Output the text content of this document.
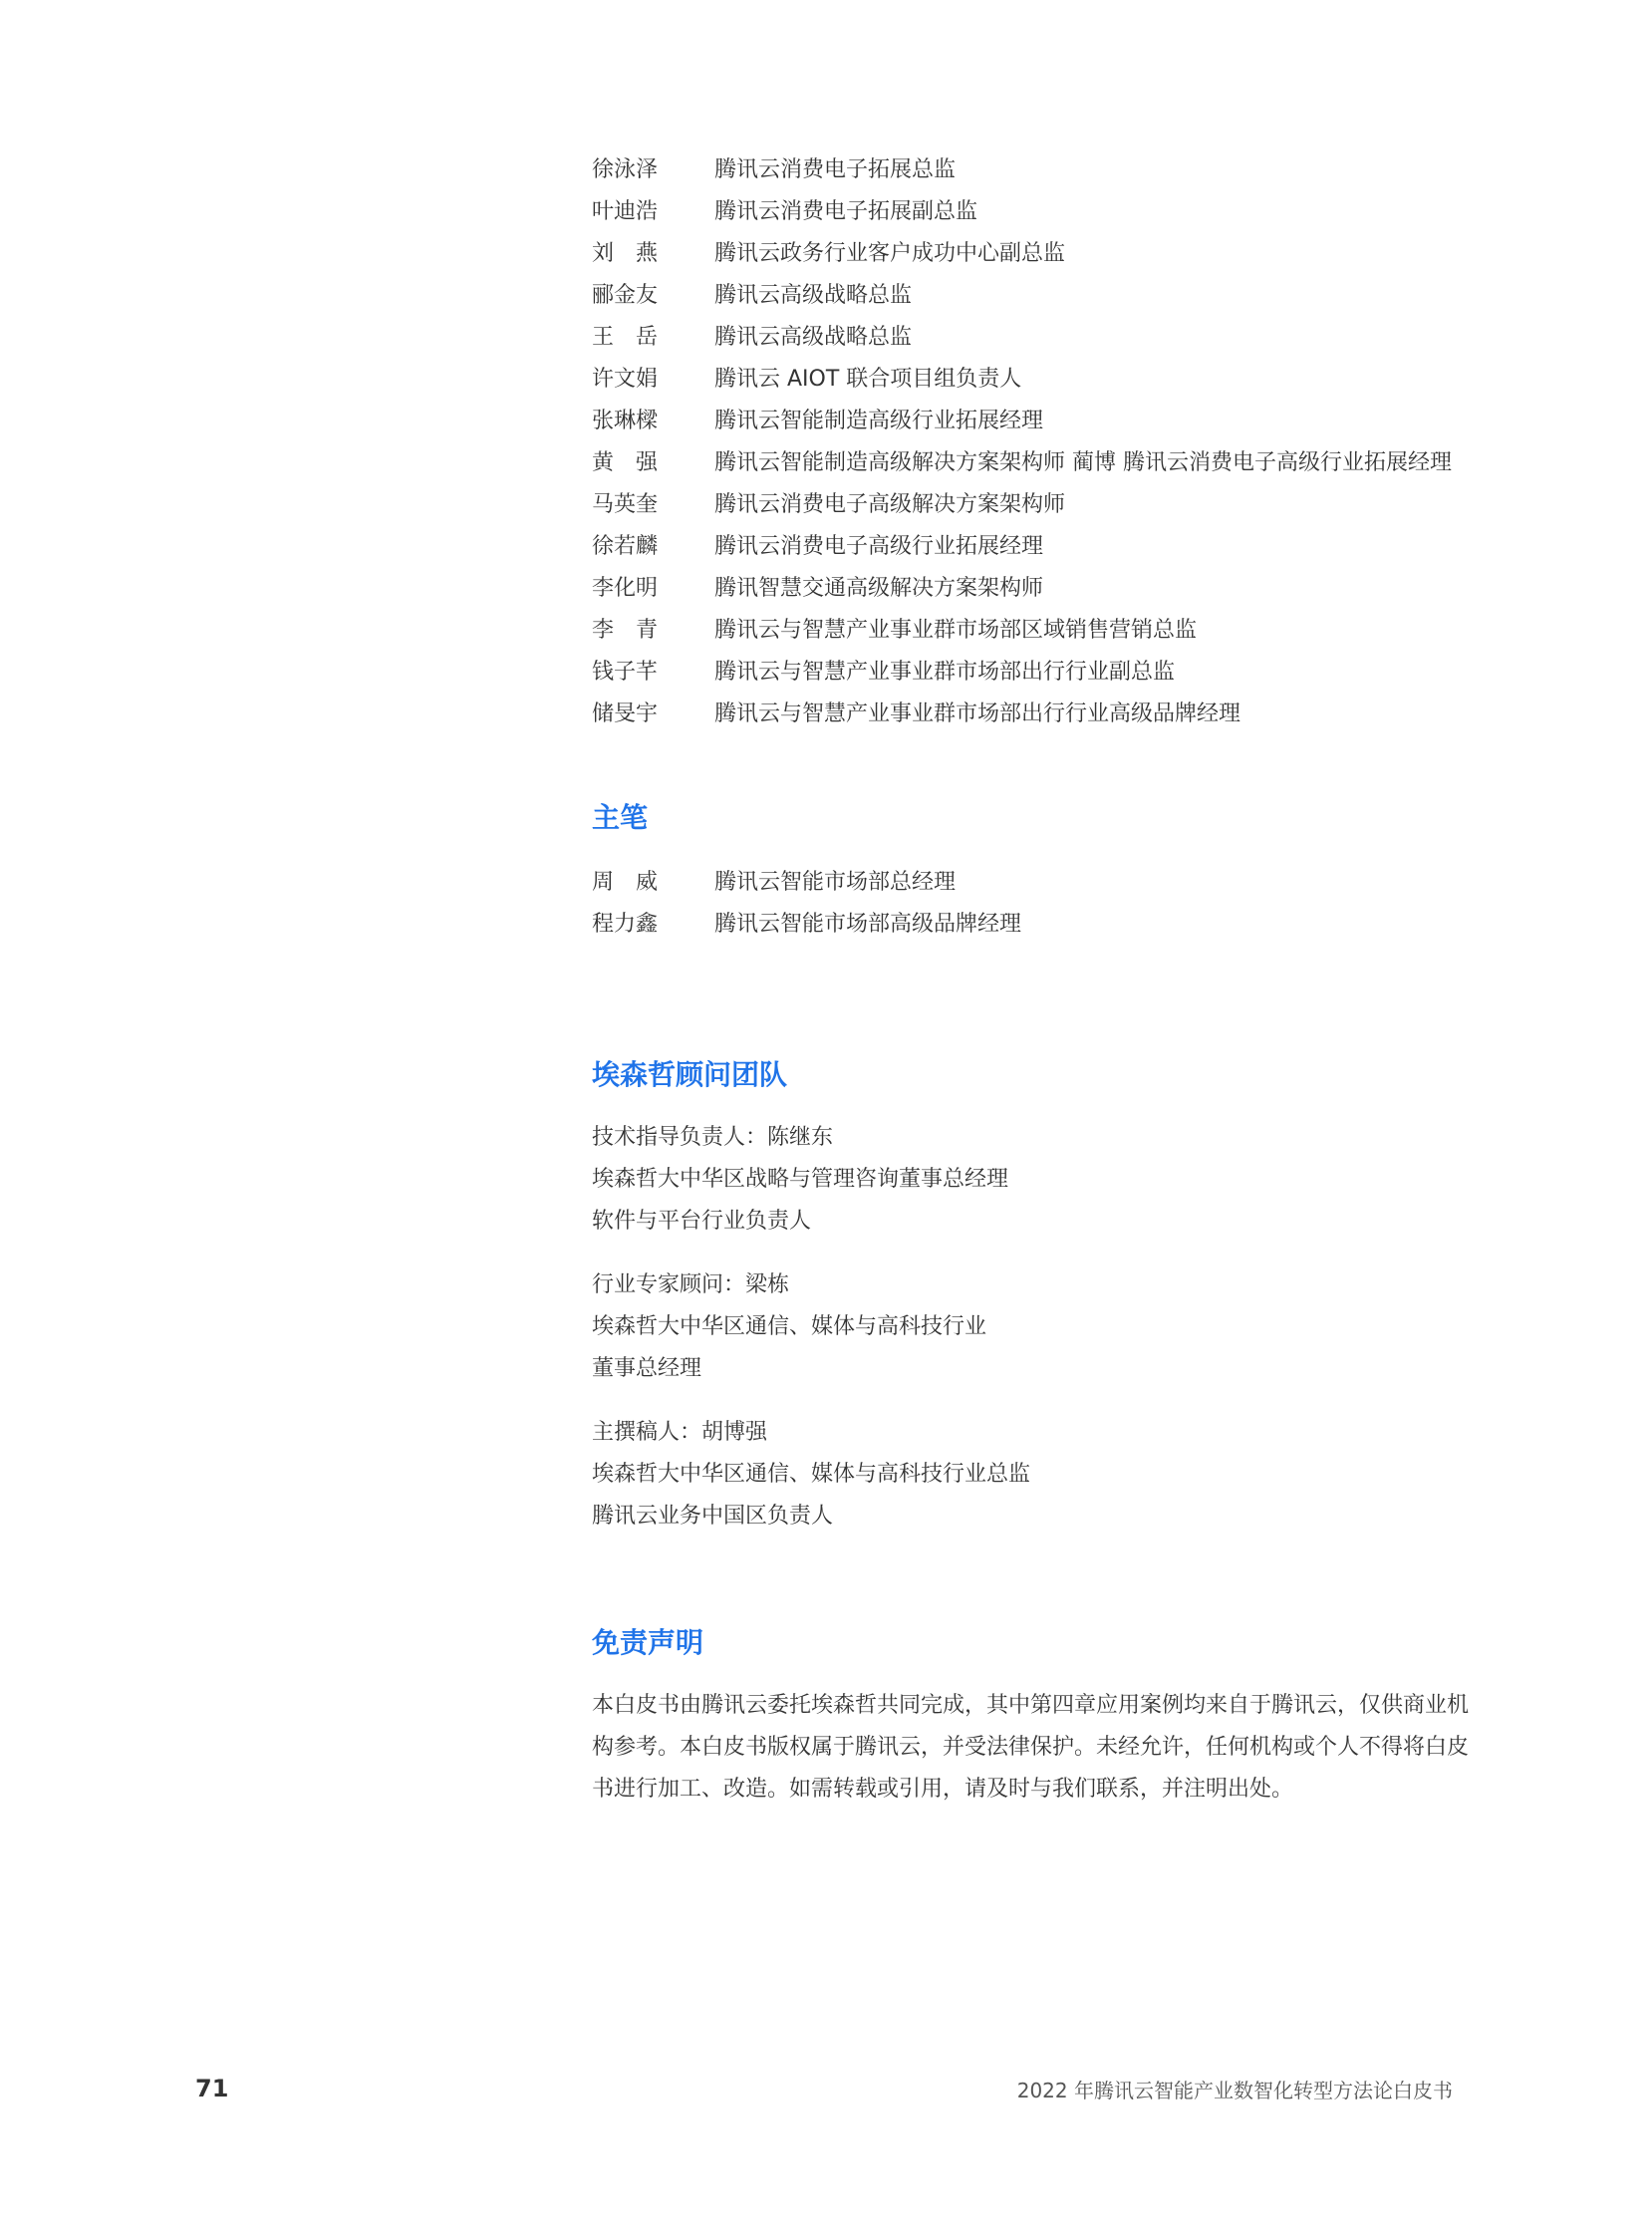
徐泳泽	腾讯云消费电子拓展总监
叶迪浩	腾讯云消费电子拓展副总监
刘　燕	腾讯云政务行业客户成功中心副总监
郦金友	腾讯云高级战略总监
王　岳	腾讯云高级战略总监
许文娟	腾讯云 AIOT 联合项目组负责人
张琳樑	腾讯云智能制造高级行业拓展经理
黄　强	腾讯云智能制造高级解决方案架构师 蔺博 腾讯云消费电子高级行业拓展经理
马英奎	腾讯云消费电子高级解决方案架构师
徐若麟	腾讯云消费电子高级行业拓展经理
李化明	腾讯智慧交通高级解决方案架构师
李　青	腾讯云与智慧产业事业群市场部区域销售营销总监
钱子芊	腾讯云与智慧产业事业群市场部出行行业副总监
储旻宇	腾讯云与智慧产业事业群市场部出行行业高级品牌经理
主笔
周　威	腾讯云智能市场部总经理
程力鑫	腾讯云智能市场部高级品牌经理
埃森哲顾问团队
技术指导负责人：陈继东
埃森哲大中华区战略与管理咨询董事总经理
软件与平台行业负责人
行业专家顾问：梁栋
埃森哲大中华区通信、媒体与高科技行业
董事总经理
主撰稿人：胡博强
埃森哲大中华区通信、媒体与高科技行业总监
腾讯云业务中国区负责人
免责声明

本白皮书由腾讯云委托埃森哲共同完成，其中第四章应用案例均来自于腾讯云，仅供商业机构参考。本白皮书版权属于腾讯云，并受法律保护。未经允许，任何机构或个人不得将白皮书进行加工、改造。如需转载或引用，请及时与我们联系，并注明出处。

71	2022 年腾讯云智能产业数智化转型方法论白皮书
